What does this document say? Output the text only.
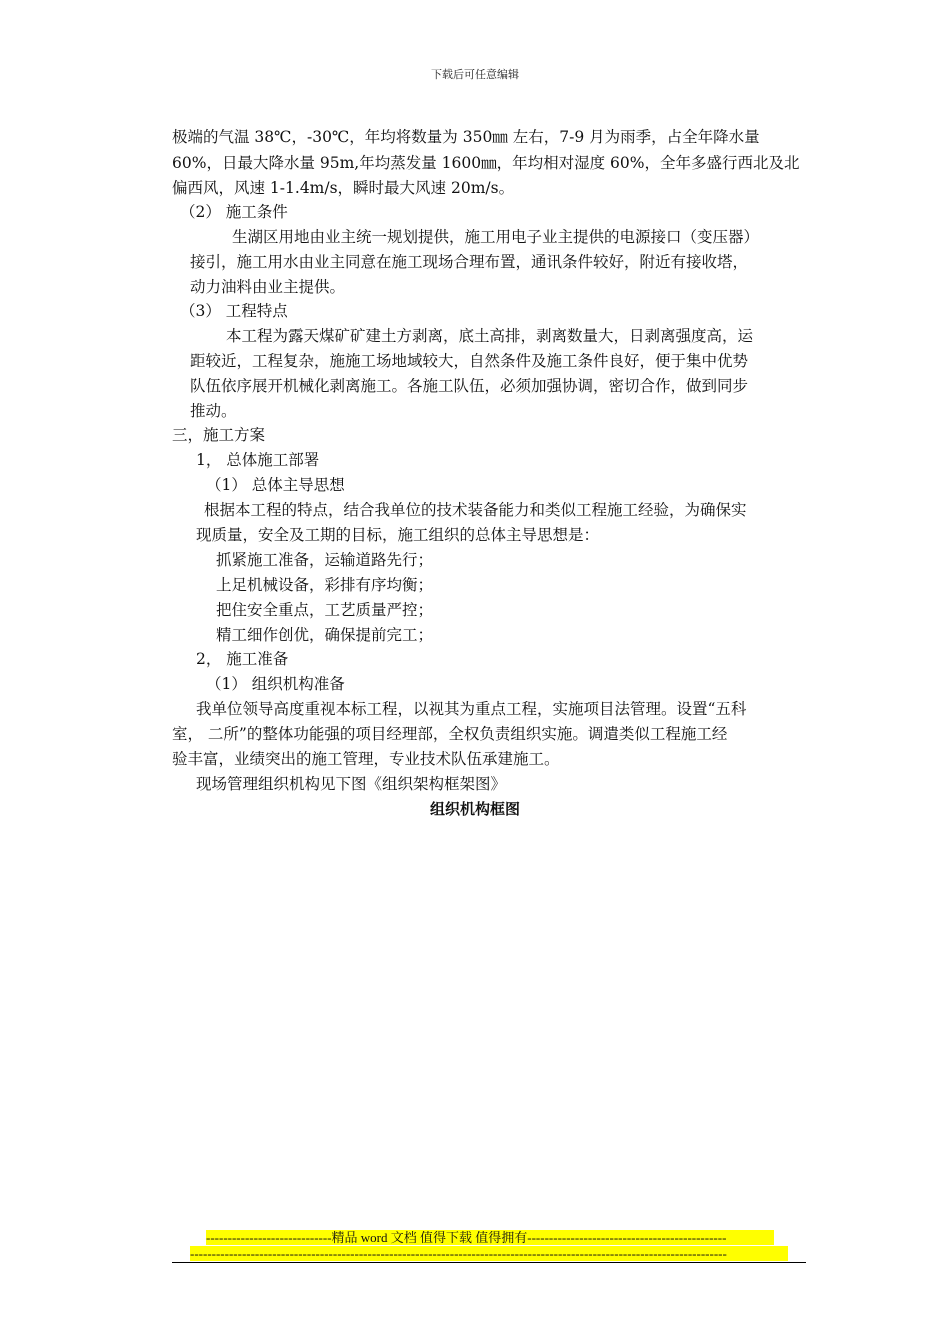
下载后可任意编辑
极端的气温 38℃，-30℃，年均将数量为 350㎜ 左右，7-9 月为雨季，占全年降水量
60%，日最大降水量 95m,年均蒸发量 1600㎜，年均相对湿度 60%，全年多盛行西北及北
偏西风，风速 1-1.4m/s，瞬时最大风速 20m/s。
（2） 施工条件
生湖区用地由业主统一规划提供，施工用电子业主提供的电源接口（变压器）
接引，施工用水由业主同意在施工现场合理布置，通讯条件较好，附近有接收塔，
动力油料由业主提供。
（3） 工程特点
本工程为露天煤矿矿建土方剥离，底土高排，剥离数量大，日剥离强度高，运
距较近，工程复杂，施施工场地域较大，自然条件及施工条件良好，便于集中优势
队伍依序展开机械化剥离施工。各施工队伍，必须加强协调，密切合作，做到同步
推动。
三，施工方案
1， 总体施工部署
（1） 总体主导思想
根据本工程的特点，结合我单位的技术装备能力和类似工程施工经验，为确保实
现质量，安全及工期的目标，施工组织的总体主导思想是：
抓紧施工准备，运输道路先行；
上足机械设备，彩排有序均衡；
把住安全重点，工艺质量严控；
精工细作创优，确保提前完工；
2， 施工准备
（1） 组织机构准备
我单位领导高度重视本标工程，以视其为重点工程，实施项目法管理。设置“五科
室， 二所”的整体功能强的项目经理部，全权负责组织实施。调遣类似工程施工经
验丰富，业绩突出的施工管理，专业技术队伍承建施工。
现场管理组织机构见下图《组织架构框架图》
组织机构框图
-----------------------------精品 word 文档 值得下载 值得拥有----------------------------------------------
----------------------------------------------------------------------------------------------------------------------------
